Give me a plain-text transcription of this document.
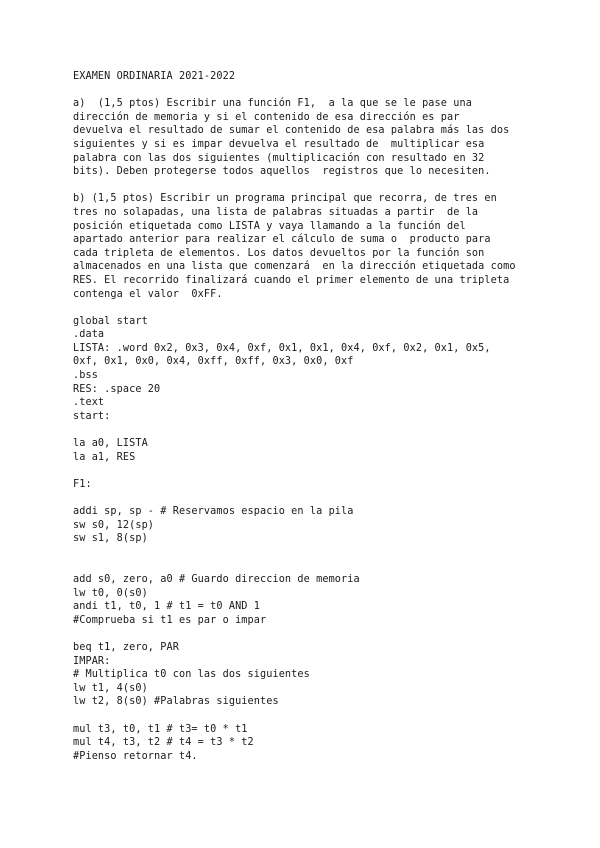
EXAMEN ORDINARIA 2021-2022
a)  (1,5 ptos) Escribir una función F1,  a la que se le pase una
dirección de memoria y si el contenido de esa dirección es par
devuelva el resultado de sumar el contenido de esa palabra más las dos
siguientes y si es impar devuelva el resultado de  multiplicar esa
palabra con las dos siguientes (multiplicación con resultado en 32
bits). Deben protegerse todos aquellos  registros que lo necesiten.
b) (1,5 ptos) Escribir un programa principal que recorra, de tres en
tres no solapadas, una lista de palabras situadas a partir  de la
posición etiquetada como LISTA y vaya llamando a la función del
apartado anterior para realizar el cálculo de suma o  producto para
cada tripleta de elementos. Los datos devueltos por la función son
almacenados en una lista que comenzará  en la dirección etiquetada como
RES. El recorrido finalizará cuando el primer elemento de una tripleta
contenga el valor  0xFF.
global start
.data
LISTA: .word 0x2, 0x3, 0x4, 0xf, 0x1, 0x1, 0x4, 0xf, 0x2, 0x1, 0x5,
0xf, 0x1, 0x0, 0x4, 0xff, 0xff, 0x3, 0x0, 0xf
.bss
RES: .space 20
.text
start:
la a0, LISTA
la a1, RES
F1:
addi sp, sp - # Reservamos espacio en la pila
sw s0, 12(sp)
sw s1, 8(sp)
add s0, zero, a0 # Guardo direccion de memoria
lw t0, 0(s0)
andi t1, t0, 1 # t1 = t0 AND 1
#Comprueba si t1 es par o impar
beq t1, zero, PAR
IMPAR:
# Multiplica t0 con las dos siguientes
lw t1, 4(s0)
lw t2, 8(s0) #Palabras siguientes
mul t3, t0, t1 # t3= t0 * t1
mul t4, t3, t2 # t4 = t3 * t2
#Pienso retornar t4.
